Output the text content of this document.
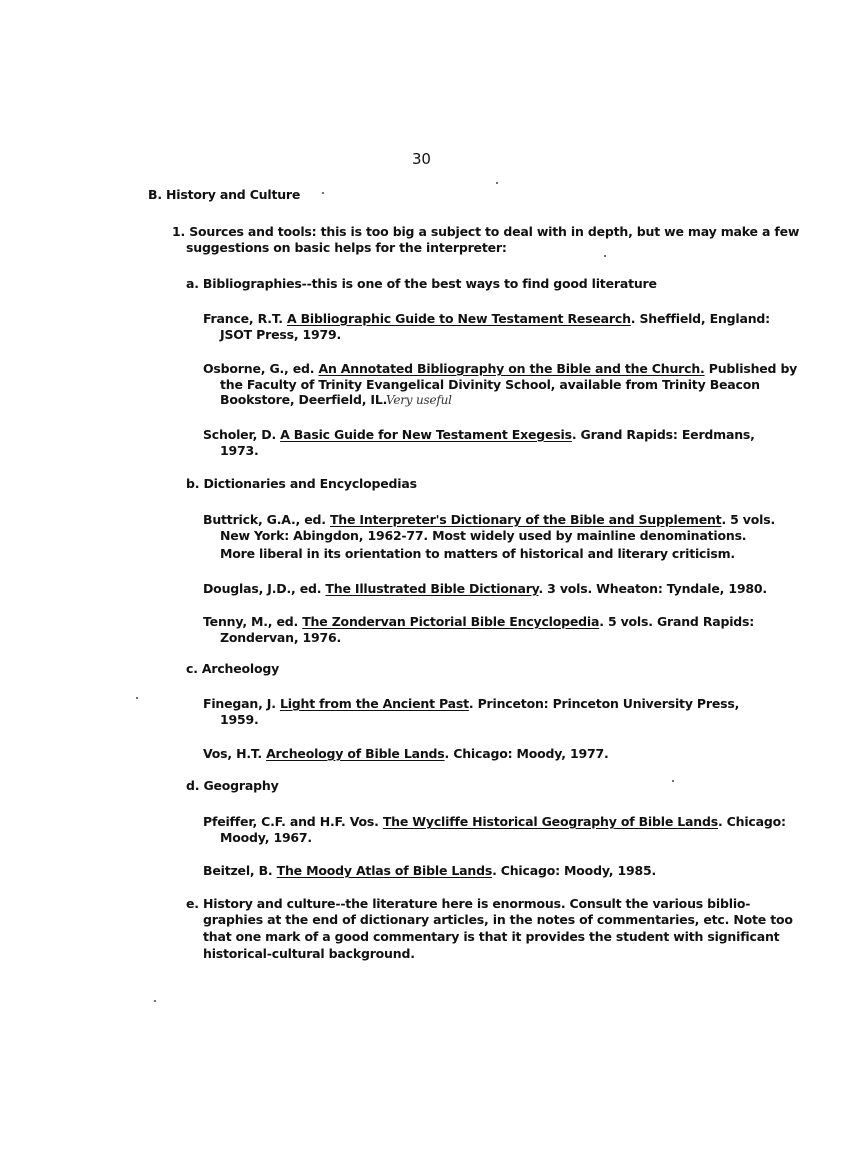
30
B. History and Culture
1. Sources and tools: this is too big a subject to deal with in depth, but we may make a few
suggestions on basic helps for the interpreter:
a. Bibliographies--this is one of the best ways to find good literature
France, R.T. A Bibliographic Guide to New Testament Research. Sheffield, England:
JSOT Press, 1979.
Osborne, G., ed. An Annotated Bibliography on the Bible and the Church. Published by
the Faculty of Trinity Evangelical Divinity School, available from Trinity Beacon
Bookstore, Deerfield, IL.
Very useful
Scholer, D. A Basic Guide for New Testament Exegesis. Grand Rapids: Eerdmans,
1973.
b. Dictionaries and Encyclopedias
Buttrick, G.A., ed. The Interpreter's Dictionary of the Bible and Supplement. 5 vols.
New York: Abingdon, 1962-77. Most widely used by mainline denominations.
More liberal in its orientation to matters of historical and literary criticism.
Douglas, J.D., ed. The Illustrated Bible Dictionary. 3 vols. Wheaton: Tyndale, 1980.
Tenny, M., ed. The Zondervan Pictorial Bible Encyclopedia. 5 vols. Grand Rapids:
Zondervan, 1976.
c. Archeology
Finegan, J. Light from the Ancient Past. Princeton: Princeton University Press,
1959.
Vos, H.T. Archeology of Bible Lands. Chicago: Moody, 1977.
d. Geography
Pfeiffer, C.F. and H.F. Vos. The Wycliffe Historical Geography of Bible Lands. Chicago:
Moody, 1967.
Beitzel, B. The Moody Atlas of Bible Lands. Chicago: Moody, 1985.
e. History and culture--the literature here is enormous. Consult the various biblio-
graphies at the end of dictionary articles, in the notes of commentaries, etc. Note too
that one mark of a good commentary is that it provides the student with significant
historical-cultural background.
